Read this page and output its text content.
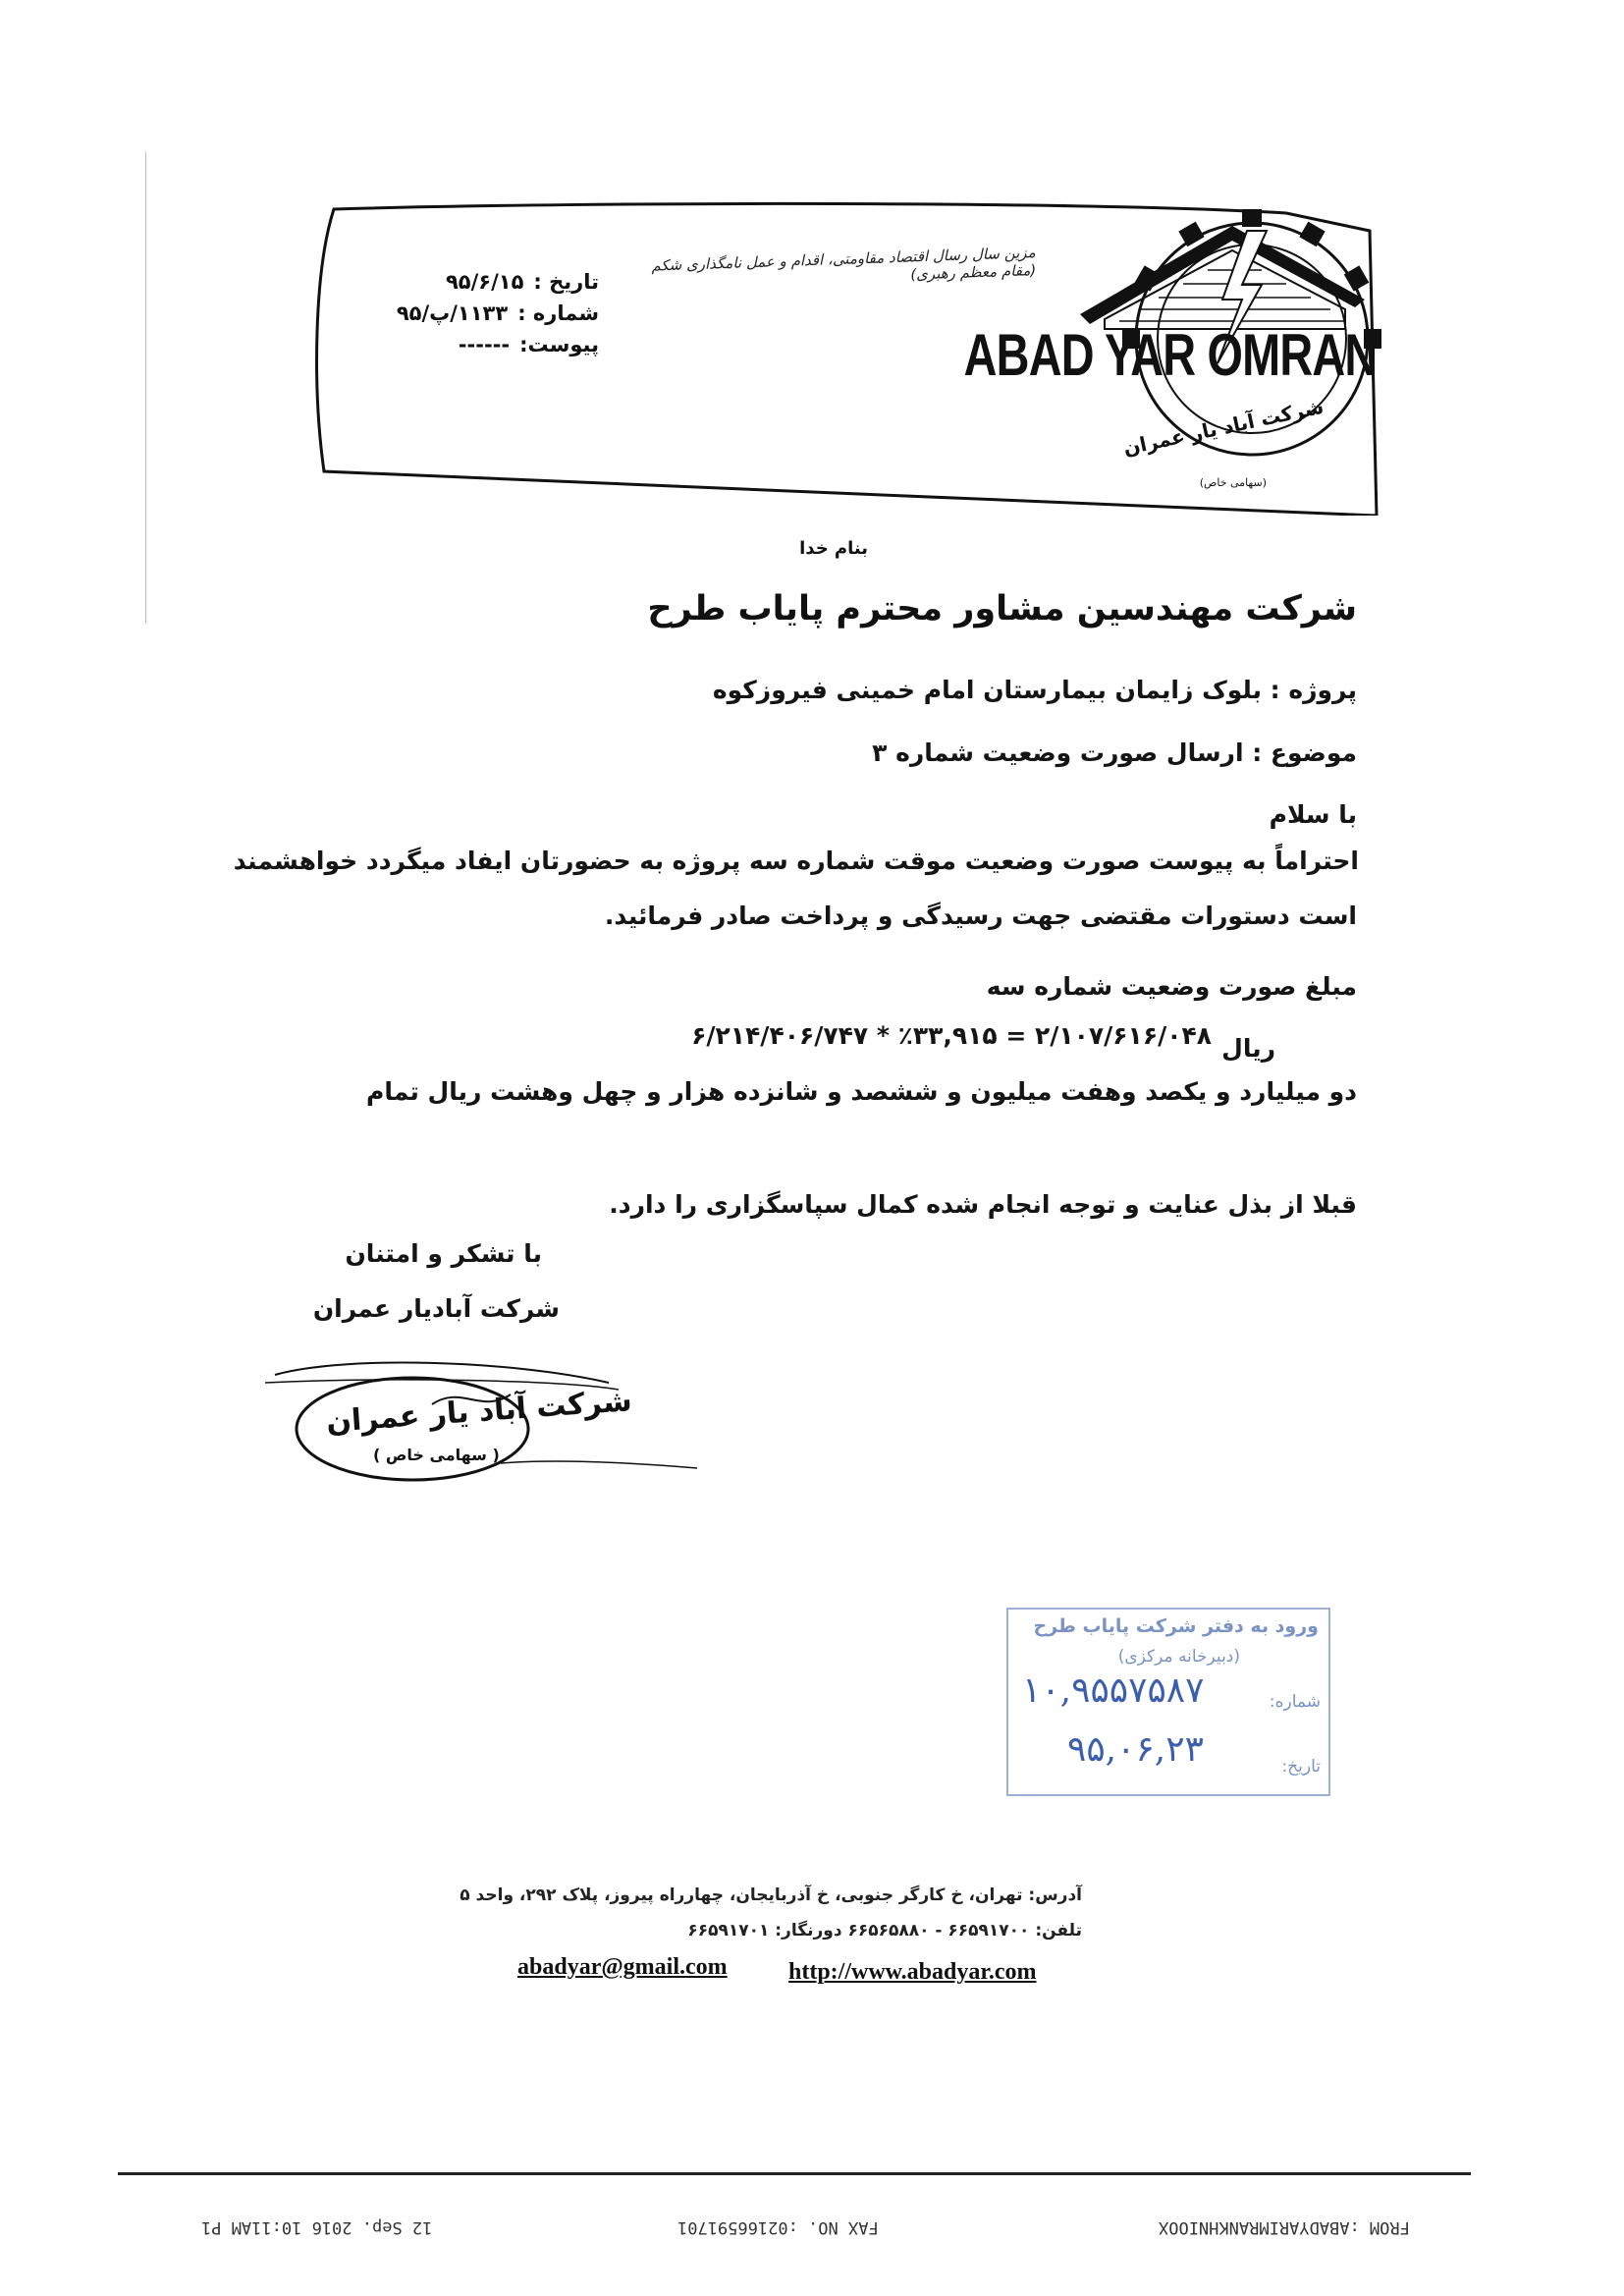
ABAD YAR OMRAN
شرکت آباد یار عمران
(سهامی خاص)
مزین سال رسال اقتصاد مقاومتی، اقدام و عمل نامگذاری شکم (مقام معظم رهبری)
تاریخ :
۹۵/۶/۱۵
شماره :
۱۱۳۳/پ/۹۵
پیوست:
------
بنام خدا
شرکت مهندسین مشاور محترم پایاب طرح
پروژه : بلوک زایمان بیمارستان امام خمینی فیروزکوه
موضوع : ارسال صورت وضعیت شماره ۳
با سلام
احتراماً به پیوست صورت وضعیت موقت شماره سه پروژه به حضورتان ایفاد میگردد خواهشمند
است دستورات مقتضی جهت رسیدگی و پرداخت صادر فرمائید.
مبلغ صورت وضعیت شماره سه
ریال
۶/۲۱۴/۴۰۶/۷۴۷ * ٪۳۳,۹۱۵ = ۲/۱۰۷/۶۱۶/۰۴۸
دو میلیارد و یکصد وهفت میلیون و ششصد و شانزده هزار و چهل وهشت ریال تمام
قبلا از بذل عنایت و توجه انجام شده کمال سپاسگزاری را دارد.
با تشکر و امتنان
شرکت آبادیار عمران
شرکت آباد یار عمران
( سهامی خاص )
ورود به دفتر شرکت پایاب طرح
(دبیرخانه مرکزی)
شماره:
۱۰,۹۵۵۷۵۸۷
تاریخ:
۹۵,۰۶,۲۳
آدرس: تهران، خ کارگر جنوبی، خ آذربایجان، چهارراه پیروز، پلاک ۲۹۲، واحد ۵
تلفن: ۶۶۵۹۱۷۰۰ - ۶۶۵۶۵۸۸۰ دورنگار: ۶۶۵۹۱۷۰۱
abadyar@gmail.com	http://www.abadyar.com
FROM :ABADYARIMRANKHNIOOX
FAX NO. :02166591701
12 Sep. 2016 10:11AM P1
